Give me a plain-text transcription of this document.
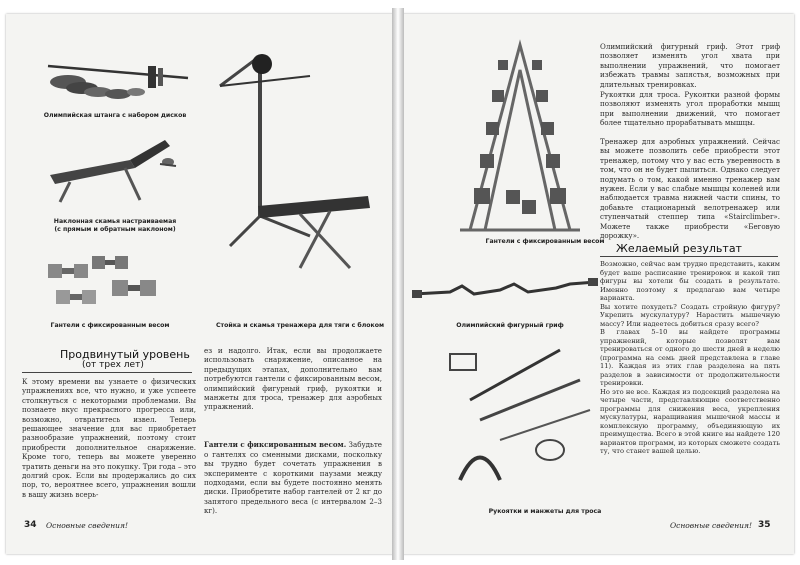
Олимпийская штанга с набором дисков
Наклонная скамья настраиваемая
(с прямым и обратным наклоном)
Гантели с фиксированным весом	Стойка и скамья тренажера для тяги с блоком
Продвинутый уровень
(от трех лет)
К этому времени вы узнаете о физических упражнениях все, что нужно, и уже успеете столкнуться с некоторыми проблемами. Вы познаете вкус прекрасного прогресса или, возможно, отвратитесь извел. Теперь решающее значение для вас приобретает разнообразие упражнений, поэтому стоит приобрести дополнительное снаряжение. Кроме того, теперь вы можете уверенно тратить деньги на это покупку. Три года – это долгий срок. Если вы продержались до сих пор, то, вероятнее всего, упражнения вошли в вашу жизнь всерь-
ез и надолго. Итак, если вы продолжаете использовать снаряжение, описанное на предыдущих этапах, дополнительно вам потребуются гантели с фиксированным весом, олимпийский фигурный гриф, рукоятки и манжеты для троса, тренажер для аэробных упражнений.

Гантели с фиксированным весом. Забудьте о гантелях со сменными дисками, поскольку вы трудно будет сочетать упражнения в эксперименте с короткими паузами между подходами, если вы будете постоянно менять диски. Приобретите набор гантелей от 2 кг до запятого предельного веса (с интервалом 2–3 кг).

34 Основные сведения!
Гантели с фиксированным весом
Олимпийский фигурный гриф
Рукоятки и манжеты для троса
Олимпийский фигурный гриф. Этот гриф позволяет изменять угол хвата при выполнении упражнений, что помогает избежать травмы запястья, возможных при длительных тренировках.
Рукоятки для троса. Рукоятки разной формы позволяют изменять угол проработки мышц при выполнении движений, что помогает более тщательно прорабатывать мышцы.
Тренажер для аэробных упражнений. Сейчас вы можете позволить себе приобрести этот тренажер, потому что у вас есть уверенность в том, что он не будет пылиться. Однако следует подумать о том, какой именно тренажер вам нужен. Если у вас слабые мышцы коленей или наблюдается травма нижней части спины, то добавьте стационарный велотренажер или ступенчатый степпер типа «Stairclimber». Можете также приобрести «Беговую дорожку».
Желаемый результат
Возможно, сейчас вам трудно представить, каким будет ваше расписание тренировок и какой тип фигуры вы хотели бы создать в результате. Именно поэтому я предлагаю вам четыре варианта.
Вы хотите похудеть? Создать стройную фигуру? Укрепить мускулатуру? Нарастить мышечную массу? Или надеетесь добиться сразу всего?
В главах 5–10 вы найдете программы упражнений, которые позволят вам тренироваться от одного до шести дней в неделю (программа на семь дней представлена в главе 11). Каждая из этих глав разделена на пять разделов в зависимости от продолжительности тренировки.
Но это не все. Каждая из подсекций разделена на четыре части, представляющие соответственно программы для снижения веса, укрепления мускулатуры, наращивания мышечной массы и комплексную программу, объединяющую их преимущества. Всего в этой книге вы найдете 120 вариантов программ, из которых сможете создать ту, что станет вашей целью.
Основные сведения! 35
